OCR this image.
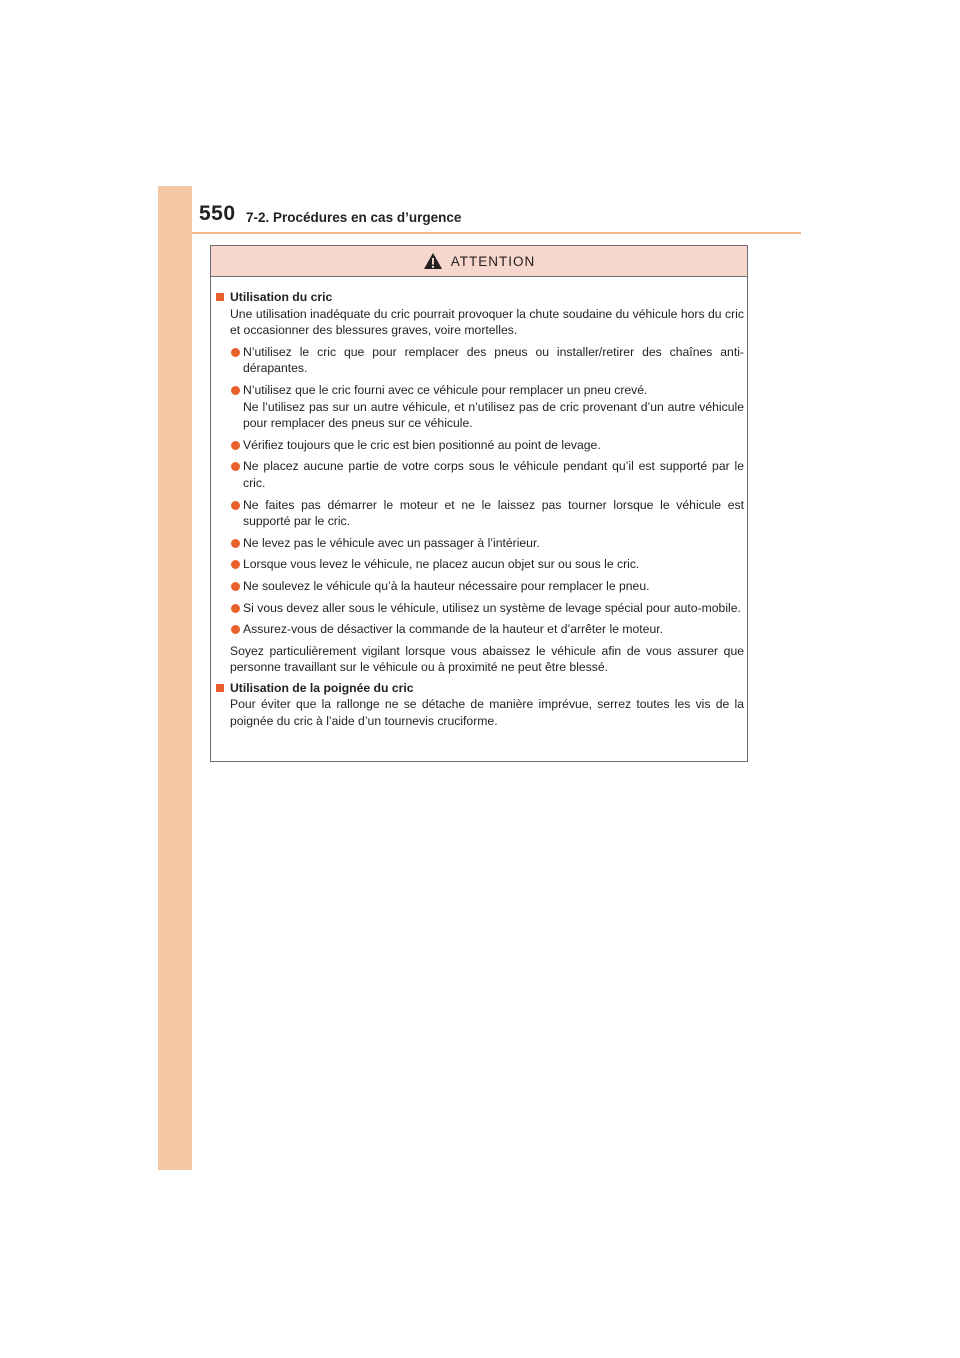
550 7-2. Procédures en cas d’urgence
ATTENTION
Utilisation du cric
Une utilisation inadéquate du cric pourrait provoquer la chute soudaine du véhicule hors du cric et occasionner des blessures graves, voire mortelles.
N’utilisez le cric que pour remplacer des pneus ou installer/retirer des chaînes anti-dérapantes.
N’utilisez que le cric fourni avec ce véhicule pour remplacer un pneu crevé.
Ne l’utilisez pas sur un autre véhicule, et n’utilisez pas de cric provenant d’un autre véhicule pour remplacer des pneus sur ce véhicule.
Vérifiez toujours que le cric est bien positionné au point de levage.
Ne placez aucune partie de votre corps sous le véhicule pendant qu’il est supporté par le cric.
Ne faites pas démarrer le moteur et ne le laissez pas tourner lorsque le véhicule est supporté par le cric.
Ne levez pas le véhicule avec un passager à l’intérieur.
Lorsque vous levez le véhicule, ne placez aucun objet sur ou sous le cric.
Ne soulevez le véhicule qu’à la hauteur nécessaire pour remplacer le pneu.
Si vous devez aller sous le véhicule, utilisez un système de levage spécial pour auto-mobile.
Assurez-vous de désactiver la commande de la hauteur et d’arrêter le moteur.
Soyez particulièrement vigilant lorsque vous abaissez le véhicule afin de vous assurer que personne travaillant sur le véhicule ou à proximité ne peut être blessé.
Utilisation de la poignée du cric
Pour éviter que la rallonge ne se détache de manière imprévue, serrez toutes les vis de la poignée du cric à l’aide d’un tournevis cruciforme.
